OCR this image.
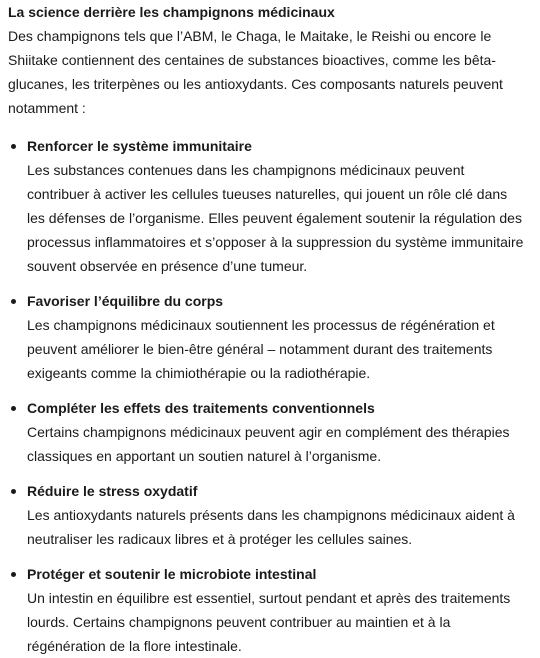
La science derrière les champignons médicinaux

Des champignons tels que l’ABM, le Chaga, le Maitake, le Reishi ou encore le Shiitake contiennent des centaines de substances bioactives, comme les bêta-glucanes, les triterpènes ou les antioxydants. Ces composants naturels peuvent notamment :

Renforcer le système immunitaire
Les substances contenues dans les champignons médicinaux peuvent contribuer à activer les cellules tueuses naturelles, qui jouent un rôle clé dans les défenses de l’organisme. Elles peuvent également soutenir la régulation des processus inflammatoires et s’opposer à la suppression du système immunitaire souvent observée en présence d’une tumeur.
Favoriser l’équilibre du corps
Les champignons médicinaux soutiennent les processus de régénération et peuvent améliorer le bien-être général – notamment durant des traitements exigeants comme la chimiothérapie ou la radiothérapie.
Compléter les effets des traitements conventionnels
Certains champignons médicinaux peuvent agir en complément des thérapies classiques en apportant un soutien naturel à l’organisme.
Réduire le stress oxydatif
Les antioxydants naturels présents dans les champignons médicinaux aident à neutraliser les radicaux libres et à protéger les cellules saines.
Protéger et soutenir le microbiote intestinal
Un intestin en équilibre est essentiel, surtout pendant et après des traitements lourds. Certains champignons peuvent contribuer au maintien et à la régénération de la flore intestinale.
